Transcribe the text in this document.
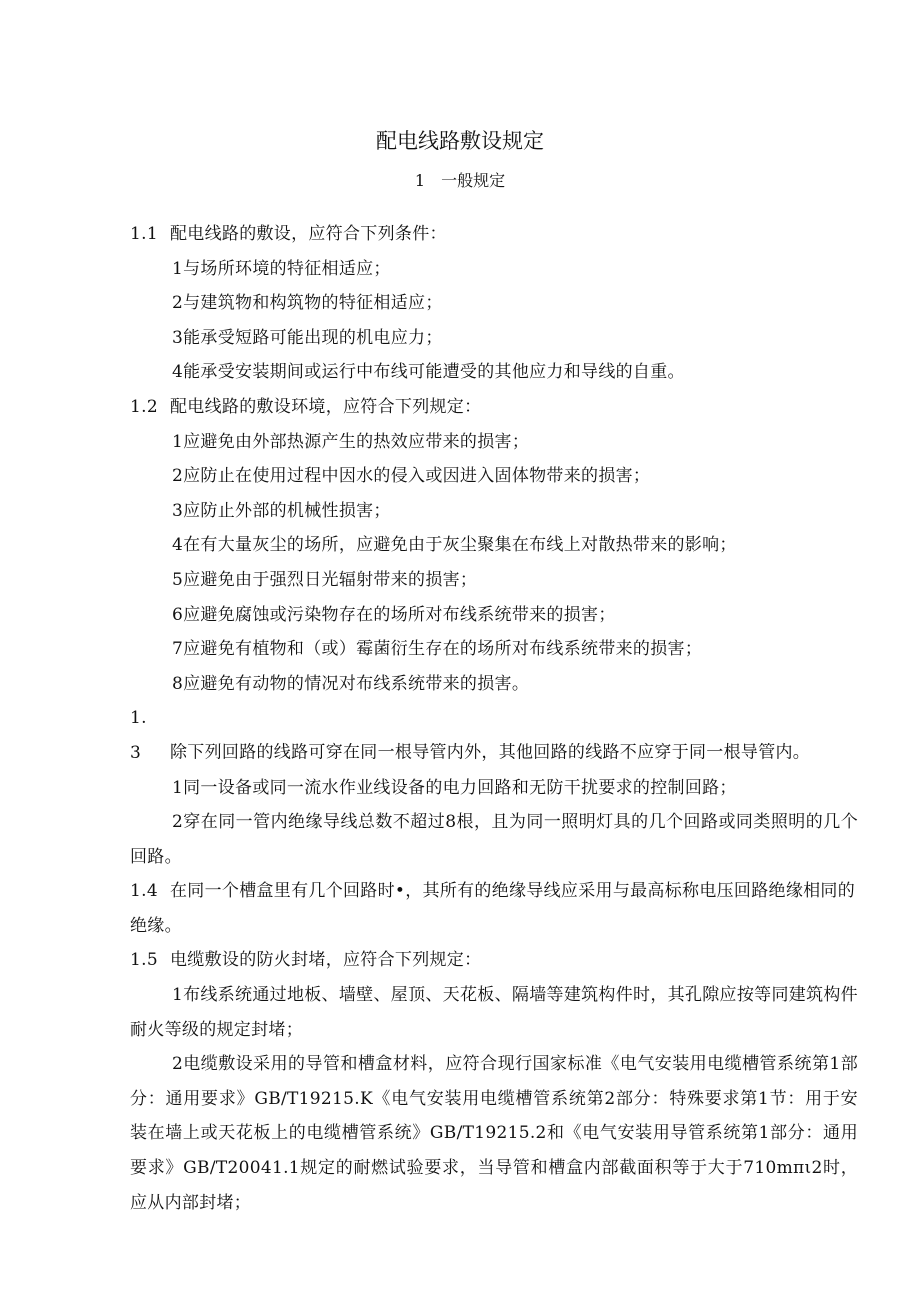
配电线路敷设规定
1　一般规定

1.1 配电线路的敷设，应符合下列条件：

1与场所环境的特征相适应；

2与建筑物和构筑物的特征相适应；

3能承受短路可能出现的机电应力；

4能承受安装期间或运行中布线可能遭受的其他应力和导线的自重。

1.2 配电线路的敷设环境，应符合下列规定：

1应避免由外部热源产生的热效应带来的损害；

2应防止在使用过程中因水的侵入或因进入固体物带来的损害；

3应防止外部的机械性损害；

4在有大量灰尘的场所，应避免由于灰尘聚集在布线上对散热带来的影响；

5应避免由于强烈日光辐射带来的损害；

6应避免腐蚀或污染物存在的场所对布线系统带来的损害；

7应避免有植物和（或）霉菌衍生存在的场所对布线系统带来的损害；

8应避免有动物的情况对布线系统带来的损害。

1.　3 除下列回路的线路可穿在同一根导管内外，其他回路的线路不应穿于同一根导管内。

1同一设备或同一流水作业线设备的电力回路和无防干扰要求的控制回路；

2穿在同一管内绝缘导线总数不超过8根，且为同一照明灯具的几个回路或同类照明的几个回路。

1.4 在同一个槽盒里有几个回路时•，其所有的绝缘导线应采用与最高标称电压回路绝缘相同的绝缘。

1.5 电缆敷设的防火封堵，应符合下列规定：

1布线系统通过地板、墙壁、屋顶、天花板、隔墙等建筑构件时，其孔隙应按等同建筑构件耐火等级的规定封堵；

2电缆敷设采用的导管和槽盒材料，应符合现行国家标准《电气安装用电缆槽管系统第1部分：通用要求》GB/T19215.K《电气安装用电缆槽管系统第2部分：特殊要求第1节：用于安装在墙上或天花板上的电缆槽管系统》GB/T19215.2和《电气安装用导管系统第1部分：通用要求》GB/T20041.1规定的耐燃试验要求，当导管和槽盒内部截面积等于大于710mπι2时，应从内部封堵；
